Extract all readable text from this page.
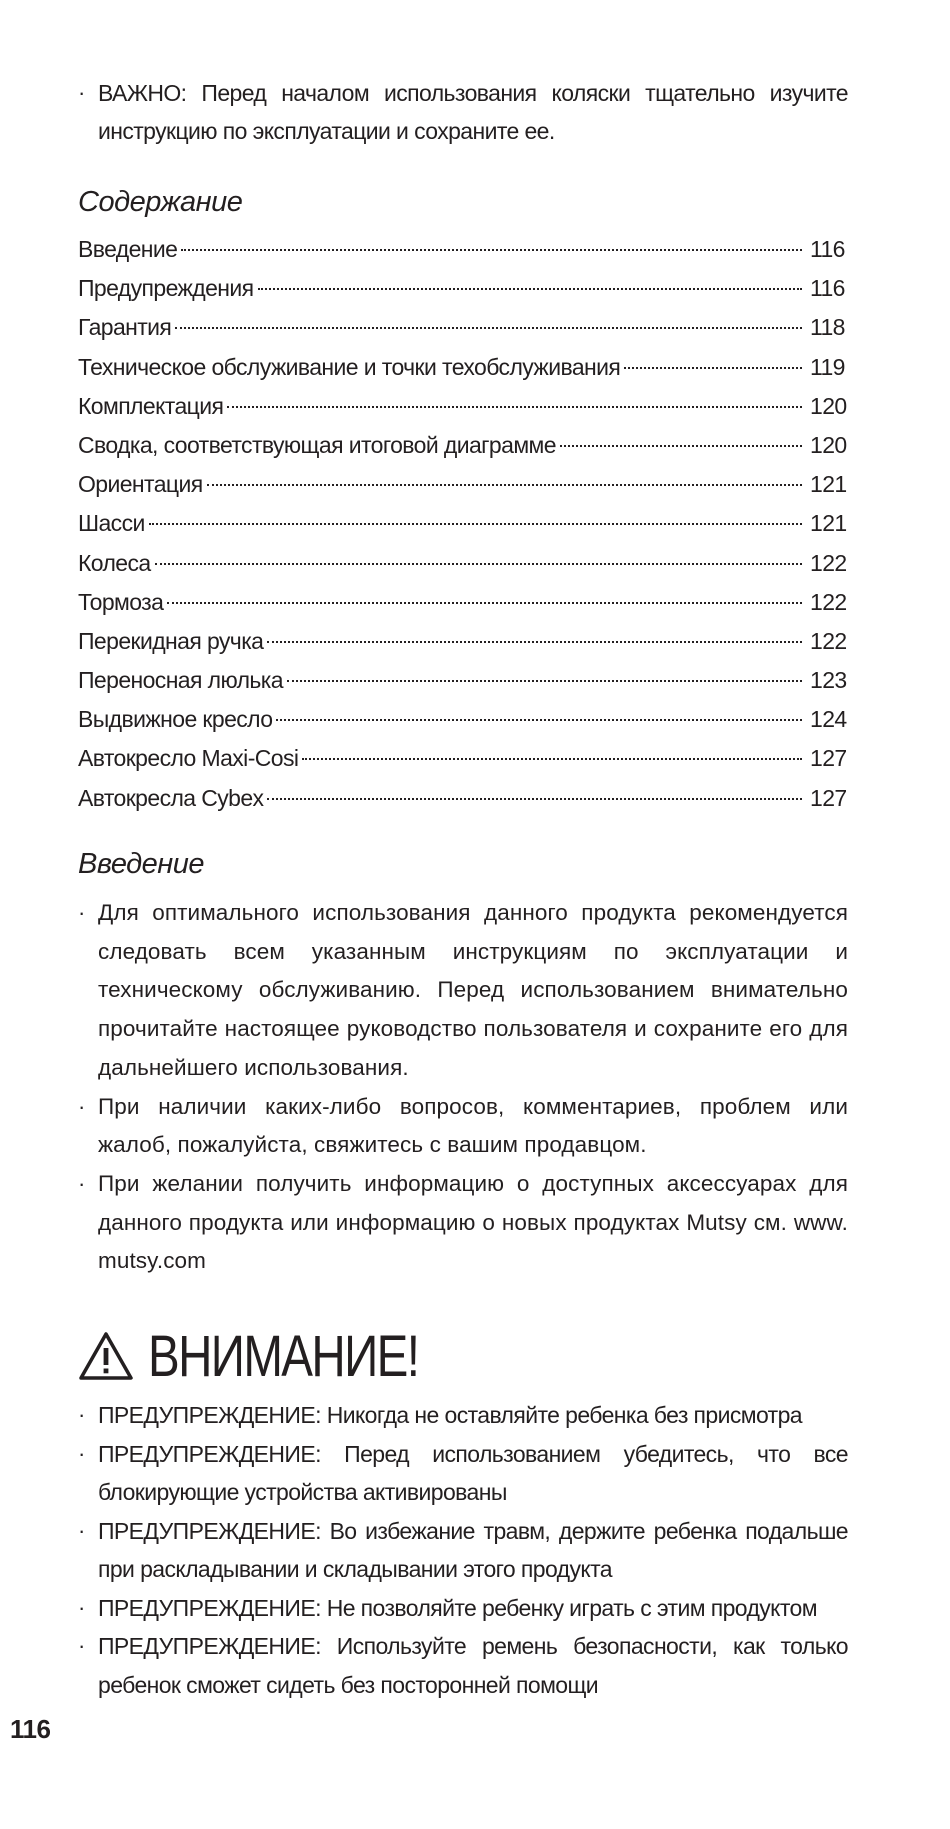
· ВАЖНО: Перед началом использования коляски тщательно изучите инструкцию по эксплуатации и сохраните ее.
Содержание
Введение	116
Предупреждения	116
Гарантия	118
Техническое обслуживание и точки техобслуживания	119
Комплектация	120
Сводка, соответствующая итоговой диаграмме	120
Ориентация	121
Шасси	121
Колеса	122
Тормоза	122
Перекидная ручка	122
Переносная люлька	123
Выдвижное кресло	124
Автокресло Maxi-Cosi	127
Автокресла Cybex	127
Введение
· Для оптимального использования данного продукта рекомендуется следовать всем указанным инструкциям по эксплуатации и техническому обслуживанию. Перед использованием внимательно прочитайте настоящее руководство пользователя и сохраните его для дальнейшего использования.
· При наличии каких-либо вопросов, комментариев, проблем или жалоб, пожалуйста, свяжитесь с вашим продавцом.
· При желании получить информацию о доступных аксессуарах для данного продукта или информацию о новых продуктах Mutsy см. www. mutsy.com
ВНИМАНИЕ!
· ПРЕДУПРЕЖДЕНИЕ: Никогда не оставляйте ребенка без присмотра
· ПРЕДУПРЕЖДЕНИЕ: Перед использованием убедитесь, что все блокирующие устройства активированы
· ПРЕДУПРЕЖДЕНИЕ: Во избежание травм, держите ребенка подальше при раскладывании и складывании этого продукта
· ПРЕДУПРЕЖДЕНИЕ: Не позволяйте ребенку играть с этим продуктом
· ПРЕДУПРЕЖДЕНИЕ: Используйте ремень безопасности, как только ребенок сможет сидеть без посторонней помощи
116
